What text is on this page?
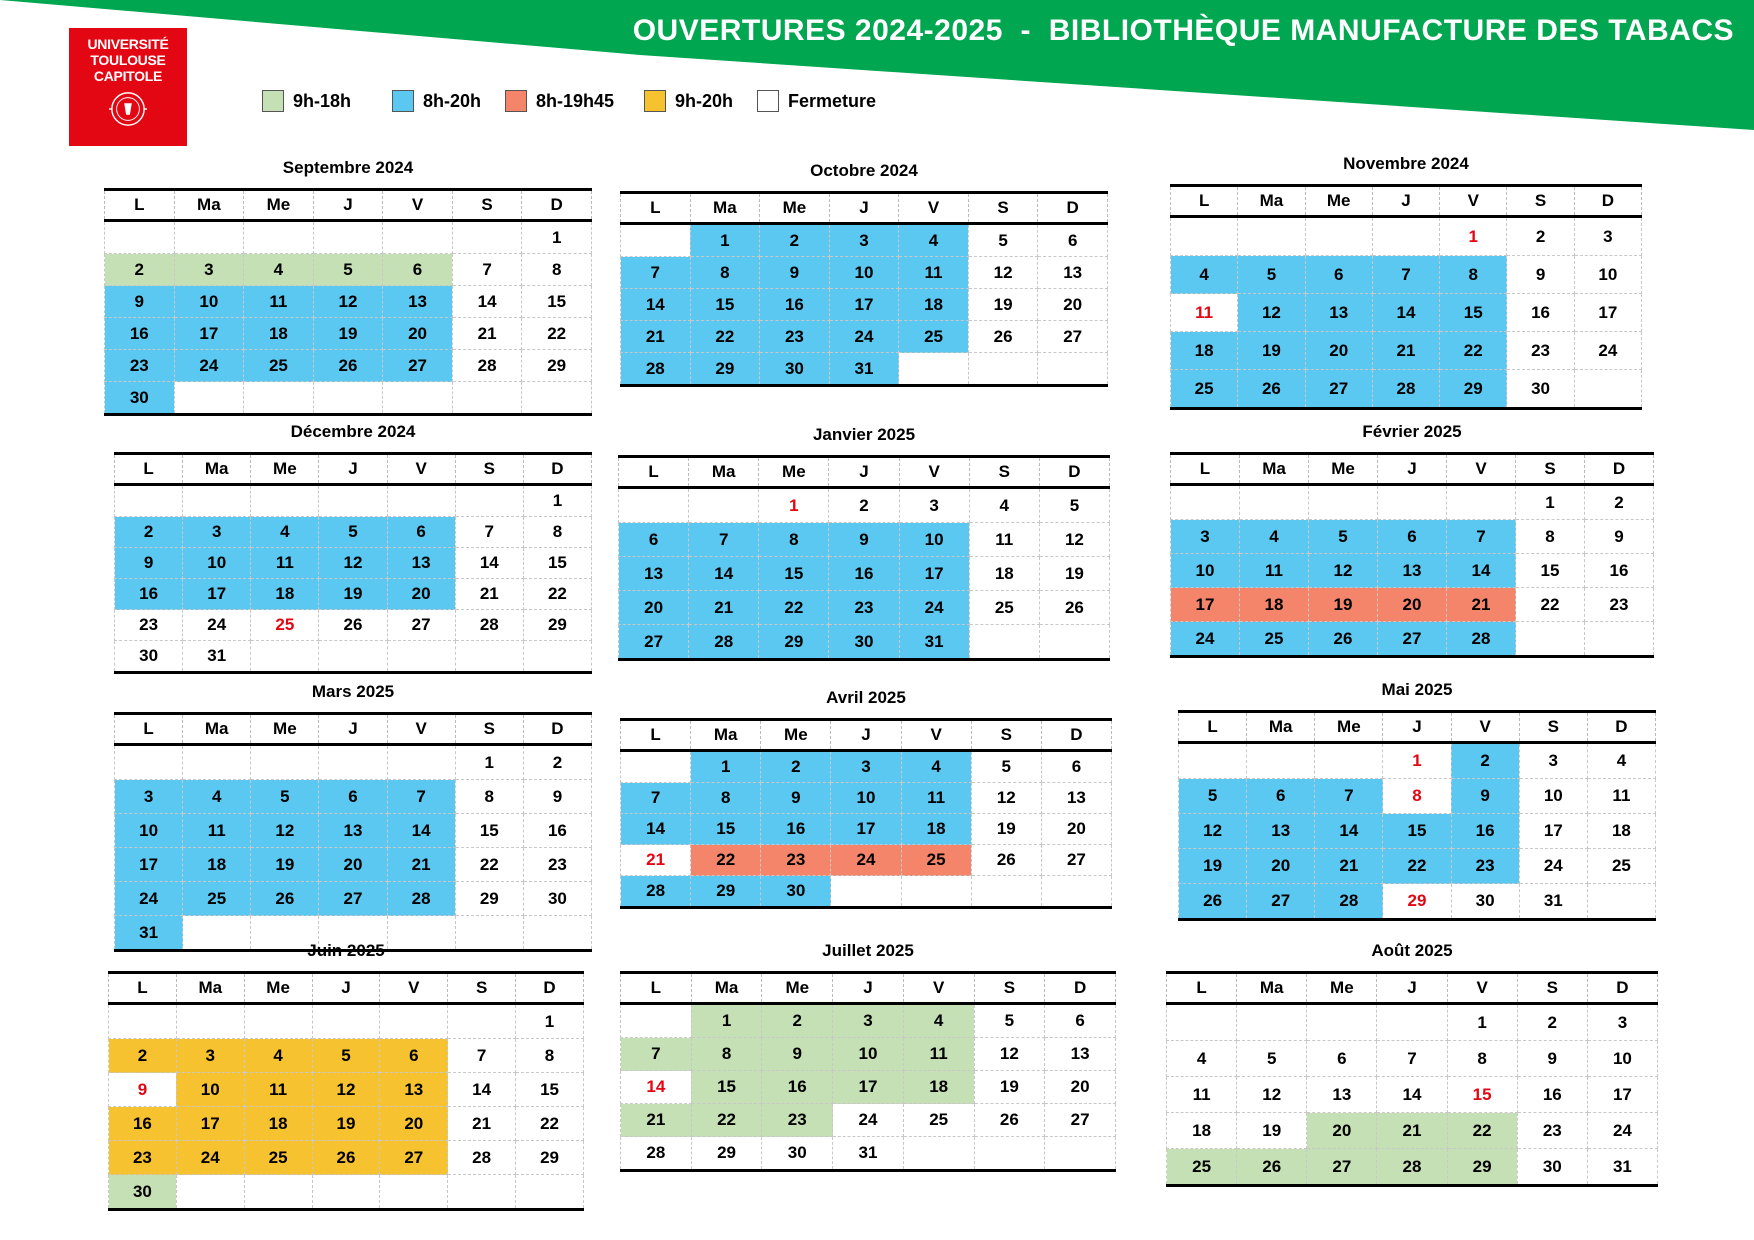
OUVERTURES 2024-2025  -  BIBLIOTHÈQUE MANUFACTURE DES TABACS
UNIVERSITÉ
TOULOUSE
CAPITOLE
9h-18h	8h-20h	8h-19h45	9h-20h	Fermeture
Septembre 2024
L	Ma	Me	J	V	S	D
						1
2	3	4	5	6	7	8
9	10	11	12	13	14	15
16	17	18	19	20	21	22
23	24	25	26	27	28	29
30						
Octobre 2024
L	Ma	Me	J	V	S	D
	1	2	3	4	5	6
7	8	9	10	11	12	13
14	15	16	17	18	19	20
21	22	23	24	25	26	27
28	29	30	31			
Novembre 2024
L	Ma	Me	J	V	S	D
				1	2	3
4	5	6	7	8	9	10
11	12	13	14	15	16	17
18	19	20	21	22	23	24
25	26	27	28	29	30	
Décembre 2024
L	Ma	Me	J	V	S	D
						1
2	3	4	5	6	7	8
9	10	11	12	13	14	15
16	17	18	19	20	21	22
23	24	25	26	27	28	29
30	31					
Janvier 2025
L	Ma	Me	J	V	S	D
		1	2	3	4	5
6	7	8	9	10	11	12
13	14	15	16	17	18	19
20	21	22	23	24	25	26
27	28	29	30	31		
Février 2025
L	Ma	Me	J	V	S	D
					1	2
3	4	5	6	7	8	9
10	11	12	13	14	15	16
17	18	19	20	21	22	23
24	25	26	27	28		
Mars 2025
L	Ma	Me	J	V	S	D
					1	2
3	4	5	6	7	8	9
10	11	12	13	14	15	16
17	18	19	20	21	22	23
24	25	26	27	28	29	30
31						
Avril 2025
L	Ma	Me	J	V	S	D
	1	2	3	4	5	6
7	8	9	10	11	12	13
14	15	16	17	18	19	20
21	22	23	24	25	26	27
28	29	30				
Mai 2025
L	Ma	Me	J	V	S	D
			1	2	3	4
5	6	7	8	9	10	11
12	13	14	15	16	17	18
19	20	21	22	23	24	25
26	27	28	29	30	31	
Juin 2025
L	Ma	Me	J	V	S	D
						1
2	3	4	5	6	7	8
9	10	11	12	13	14	15
16	17	18	19	20	21	22
23	24	25	26	27	28	29
30						
Juillet 2025
L	Ma	Me	J	V	S	D
	1	2	3	4	5	6
7	8	9	10	11	12	13
14	15	16	17	18	19	20
21	22	23	24	25	26	27
28	29	30	31			
Août 2025
L	Ma	Me	J	V	S	D
				1	2	3
4	5	6	7	8	9	10
11	12	13	14	15	16	17
18	19	20	21	22	23	24
25	26	27	28	29	30	31
